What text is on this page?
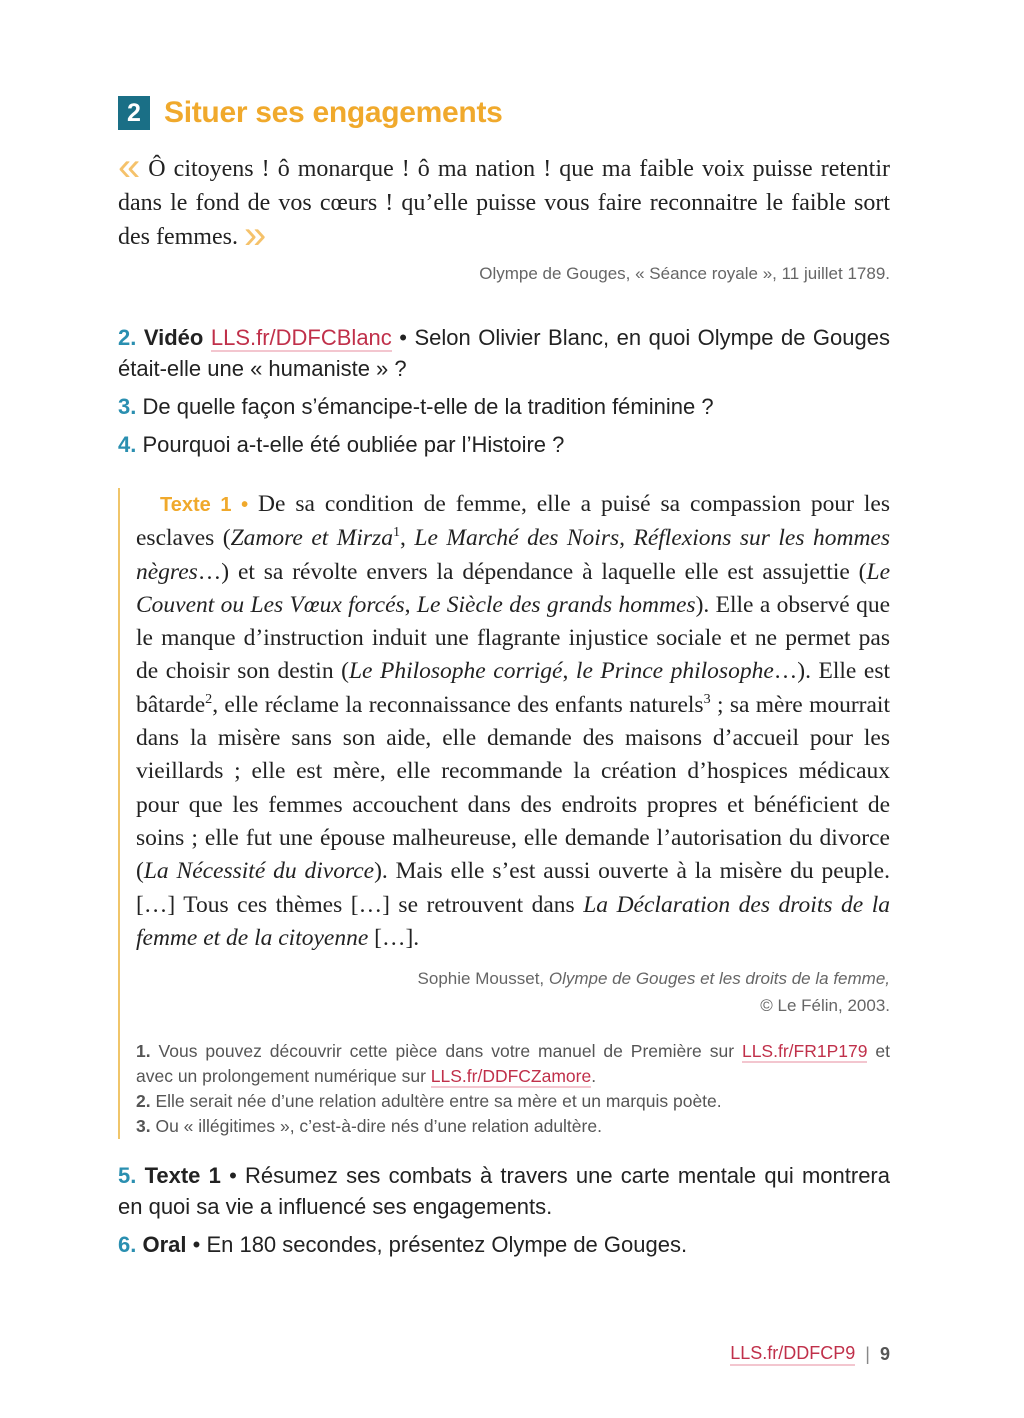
2 Situer ses engagements
« Ô citoyens ! ô monarque ! ô ma nation ! que ma faible voix puisse retentir dans le fond de vos cœurs ! qu’elle puisse vous faire reconnaitre le faible sort des femmes. »
Olympe de Gouges, « Séance royale », 11 juillet 1789.

2. Vidéo LLS.fr/DDFCBlanc • Selon Olivier Blanc, en quoi Olympe de Gouges était-elle une « humaniste » ?

3. De quelle façon s’émancipe-t-elle de la tradition féminine ?

4. Pourquoi a-t-elle été oubliée par l’Histoire ?

Texte 1 • De sa condition de femme, elle a puisé sa compassion pour les esclaves (Zamore et Mirza$^1$, Le Marché des Noirs, Réflexions sur les hommes nègres…) et sa révolte envers la dépendance à laquelle elle est assujettie (Le Couvent ou Les Vœux forcés, Le Siècle des grands hommes). Elle a observé que le manque d’instruction induit une flagrante injustice sociale et ne permet pas de choisir son destin (Le Philosophe corrigé, le Prince philosophe…). Elle est bâtarde$^2$, elle réclame la reconnaissance des enfants naturels$^3$ ; sa mère mourrait dans la misère sans son aide, elle demande des maisons d’accueil pour les vieillards ; elle est mère, elle recommande la création d’hospices médicaux pour que les femmes accouchent dans des endroits propres et bénéficient de soins ; elle fut une épouse malheureuse, elle demande l’autorisation du divorce (La Nécessité du divorce). Mais elle s’est aussi ouverte à la misère du peuple. […] Tous ces thèmes […] se retrouvent dans La Déclaration des droits de la femme et de la citoyenne […].
Sophie Mousset, Olympe de Gouges et les droits de la femme,
© Le Félin, 2003.
1. Vous pouvez découvrir cette pièce dans votre manuel de Première sur LLS.fr/FR1P179 et avec un prolongement numérique sur LLS.fr/DDFCZamore.
2. Elle serait née d’une relation adultère entre sa mère et un marquis poète.
3. Ou « illégitimes », c’est-à-dire nés d’une relation adultère.

5. Texte 1 • Résumez ses combats à travers une carte mentale qui montrera en quoi sa vie a influencé ses engagements.

6. Oral • En 180 secondes, présentez Olympe de Gouges.

LLS.fr/DDFCP9 | 9
